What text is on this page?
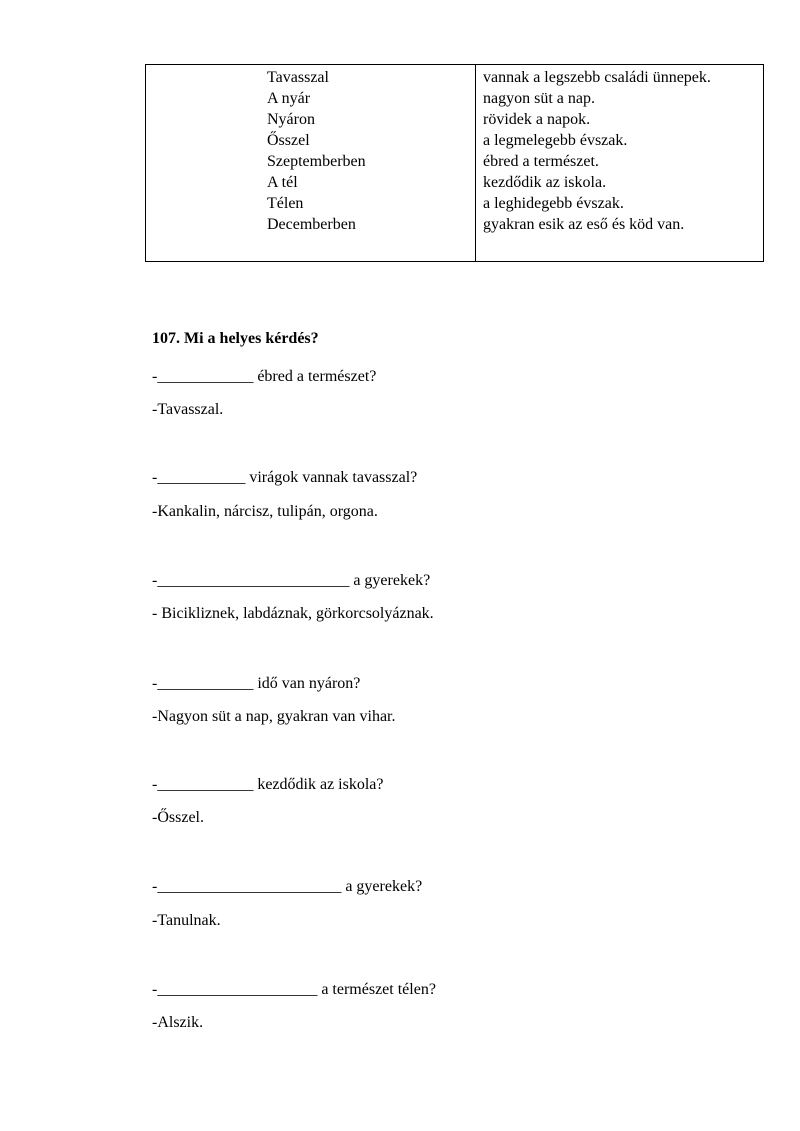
Tavasszal
A nyár
Nyáron
Ősszel
Szeptemberben
A tél
Télen
Decemberben
vannak a legszebb családi ünnepek.
nagyon süt a nap.
rövidek a napok.
a legmelegebb évszak.
ébred a természet.
kezdődik az iskola.
a leghidegebb évszak.
gyakran esik az eső és köd van.
107. Mi a helyes kérdés?
-____________ ébred a természet?
-Tavasszal.
-___________ virágok vannak tavasszal?
-Kankalin, nárcisz, tulipán, orgona.
-________________________ a gyerekek?
- Bicikliznek, labdáznak, görkorcsolyáznak.
-____________ idő van nyáron?
-Nagyon süt a nap, gyakran van vihar.
-____________ kezdődik az iskola?
-Ősszel.
-_______________________ a gyerekek?
-Tanulnak.
-____________________ a természet télen?
-Alszik.
